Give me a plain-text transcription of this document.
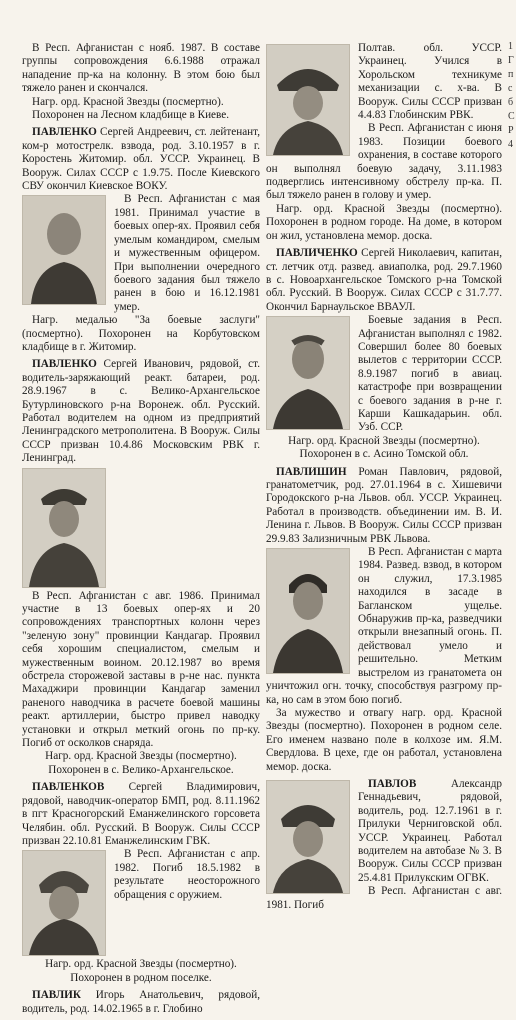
В Респ. Афганистан с нояб. 1987. В составе группы сопровождения 6.6.1988 отражал нападение пр-ка на колонну. В этом бою был тяжело ранен и скончался.

Нагр. орд. Красной Звезды (посмертно).

Похоронен на Лесном кладбище в Киеве.

ПАВЛЕНКО Сергей Андреевич, ст. лейтенант, ком-р мотострелк. взвода, род. 3.10.1957 в г. Коростень Житомир. обл. УССР. Украинец. В Вооруж. Силах СССР с 1.9.75. После Киевского СВУ окончил Киевское ВОКУ.

В Респ. Афганистан с мая 1981. Принимал участие в боевых опер-ях. Проявил себя умелым командиром, смелым и мужественным офицером. При выполнении очередного боевого задания был тяжело ранен в бою и 16.12.1981 умер.

Нагр. медалью "За боевые заслуги" (посмертно). Похоронен на Корбутовском кладбище в г. Житомир.

ПАВЛЕНКО Сергей Иванович, рядовой, ст. водитель-заряжающий реакт. батареи, род. 28.9.1967 в с. Велико-Архангельское Бутурлиновского р-на Воронеж. обл. Русский. Работал водителем на одном из предприятий Ленинградского метрополитена. В Вооруж. Силы СССР призван 10.4.86 Московским РВК г. Ленинград.

В Респ. Афганистан с авг. 1986. Принимал участие в 13 боевых опер-ях и 20 сопровождениях транспортных колонн через "зеленую зону" провинции Кандагар. Проявил себя хорошим специалистом, смелым и мужественным воином. 20.12.1987 во время обстрела сторожевой заставы в р-не нас. пункта Махаджири провинции Кандагар заменил раненого наводчика в расчете боевой машины реакт. артиллерии, быстро привел наводку установки и открыл меткий огонь по пр-ку. Погиб от осколков снаряда.

Нагр. орд. Красной Звезды (посмертно).

Похоронен в с. Велико-Архангельское.

ПАВЛЕНКОВ Сергей Владимирович, рядовой, наводчик-оператор БМП, род. 8.11.1962 в пгт Красногорский Еманжелинского горсовета Челябин. обл. Русский. В Вооруж. Силы СССР призван 22.10.81 Еманжелинским ГВК.

В Респ. Афганистан с апр. 1982. Погиб 18.5.1982 в результате неосторожного обращения с оружием.

Нагр. орд. Красной Звезды (посмертно).

Похоронен в родном поселке.

ПАВЛИК Игорь Анатольевич, рядовой, водитель, род. 14.02.1965 в г. Глобино

Полтав. обл. УССР. Украинец. Учился в Хорольском техникуме механизации с. х-ва. В Вооруж. Силы СССР призван 4.4.83 Глобинским РВК.

В Респ. Афганистан с июня 1983. Позиции боевого охранения, в составе которого он выполнял боевую задачу, 3.11.1983 подверглись интенсивному обстрелу пр-ка. П. был тяжело ранен в голову и умер.

Нагр. орд. Красной Звезды (посмертно). Похоронен в родном городе. На доме, в котором он жил, установлена мемор. доска.

ПАВЛИЧЕНКО Сергей Николаевич, капитан, ст. летчик отд. развед. авиаполка, род. 29.7.1960 в с. Новоархангельское Томского р-на Томской обл. Русский. В Вооруж. Силах СССР с 31.7.77. Окончил Барнаульское ВВАУЛ.

Боевые задания в Респ. Афганистан выполнял с 1982. Совершил более 80 боевых вылетов с территории СССР. 8.9.1987 погиб в авиац. катастрофе при возвращении с боевого задания в р-не г. Карши Кашкадарьин. обл. Узб. ССР.

Нагр. орд. Красной Звезды (посмертно).

Похоронен в с. Асино Томской обл.

ПАВЛИШИН Роман Павлович, рядовой, гранатометчик, род. 27.01.1964 в с. Хишевичи Городокского р-на Львов. обл. УССР. Украинец. Работал в производств. объединении им. В. И. Ленина г. Львов. В Вооруж. Силы СССР призван 29.9.83 Зализничным РВК Львова.

В Респ. Афганистан с марта 1984. Развед. взвод, в котором он служил, 17.3.1985 находился в засаде в Багланском ущелье. Обнаружив пр-ка, разведчики открыли внезапный огонь. П. действовал умело и решительно. Метким выстрелом из гранатомета он уничтожил огн. точку, способствуя разгрому пр-ка, но сам в этом бою погиб.

За мужество и отвагу нагр. орд. Красной Звезды (посмертно). Похоронен в родном селе. Его именем названо поле в колхозе им. Я.М. Свердлова. В цехе, где он работал, установлена мемор. доска.

ПАВЛОВ Александр Геннадьевич, рядовой, водитель, род. 12.7.1961 в г. Прилуки Черниговской обл. УССР. Украинец. Работал водителем на автобазе № 3. В Вооруж. Силы СССР призван 25.4.81 Прилукским ОГВК.

В Респ. Афганистан с авг. 1981. Погиб

1
Г
п
с
б
С
Р
4
